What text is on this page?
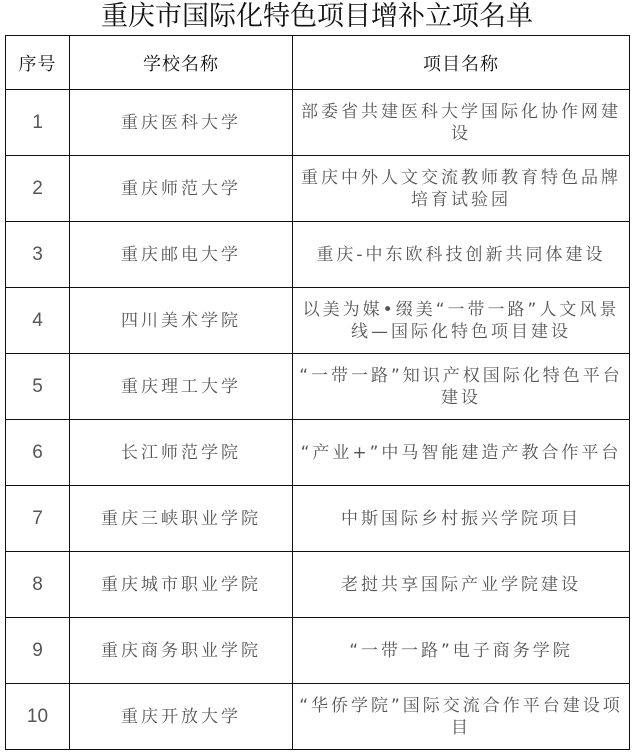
重庆市国际化特色项目增补立项名单
序号	学校名称	项目名称
1	重庆医科大学	部委省共建医科大学国际化协作网建设
2	重庆师范大学	重庆中外人文交流教师教育特色品牌培育试验园
3	重庆邮电大学	重庆-中东欧科技创新共同体建设
4	四川美术学院	以美为媒•缀美“一带一路”人文风景线—国际化特色项目建设
5	重庆理工大学	“一带一路”知识产权国际化特色平台建设
6	长江师范学院	“产业+”中马智能建造产教合作平台
7	重庆三峡职业学院	中斯国际乡村振兴学院项目
8	重庆城市职业学院	老挝共享国际产业学院建设
9	重庆商务职业学院	“一带一路”电子商务学院
10	重庆开放大学	“华侨学院”国际交流合作平台建设项目
